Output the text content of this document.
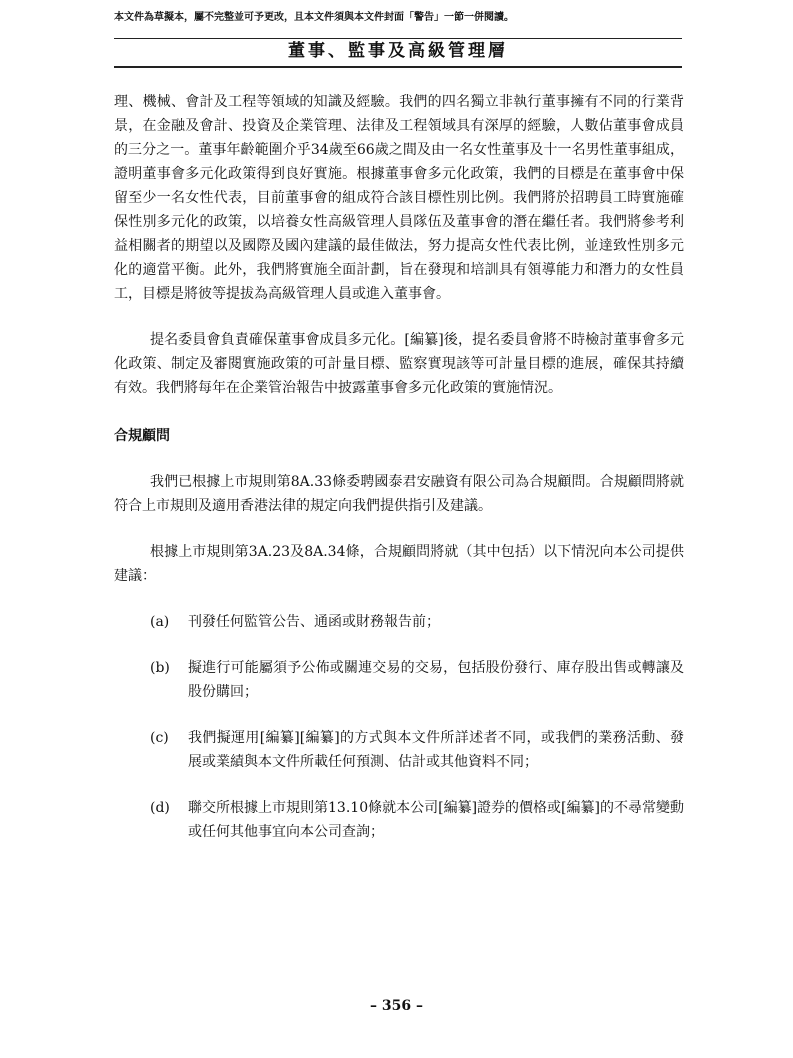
本文件為草擬本，屬不完整並可予更改，且本文件須與本文件封面「警告」一節一併閱讀。
董事、監事及高級管理層

理、機械、會計及工程等領域的知識及經驗。我們的四名獨立非執行董事擁有不同的行業背景，在金融及會計、投資及企業管理、法律及工程領域具有深厚的經驗，人數佔董事會成員的三分之一。董事年齡範圍介乎34歲至66歲之間及由一名女性董事及十一名男性董事組成，證明董事會多元化政策得到良好實施。根據董事會多元化政策，我們的目標是在董事會中保留至少一名女性代表，目前董事會的組成符合該目標性別比例。我們將於招聘員工時實施確保性別多元化的政策，以培養女性高級管理人員隊伍及董事會的潛在繼任者。我們將參考利益相關者的期望以及國際及國內建議的最佳做法，努力提高女性代表比例，並達致性別多元化的適當平衡。此外，我們將實施全面計劃，旨在發現和培訓具有領導能力和潛力的女性員工，目標是將彼等提拔為高級管理人員或進入董事會。

提名委員會負責確保董事會成員多元化。[編纂]後，提名委員會將不時檢討董事會多元化政策、制定及審閱實施政策的可計量目標、監察實現該等可計量目標的進展，確保其持續有效。我們將每年在企業管治報告中披露董事會多元化政策的實施情況。

合規顧問

我們已根據上市規則第8A.33條委聘國泰君安融資有限公司為合規顧問。合規顧問將就符合上市規則及適用香港法律的規定向我們提供指引及建議。

根據上市規則第3A.23及8A.34條，合規顧問將就（其中包括）以下情況向本公司提供建議：

(a)	刊發任何監管公告、通函或財務報告前；
(b)	擬進行可能屬須予公佈或關連交易的交易，包括股份發行、庫存股出售或轉讓及股份購回；
(c)	我們擬運用[編纂][編纂]的方式與本文件所詳述者不同，或我們的業務活動、發展或業績與本文件所載任何預測、估計或其他資料不同；
(d)	聯交所根據上市規則第13.10條就本公司[編纂]證券的價格或[編纂]的不尋常變動或任何其他事宜向本公司查詢；
– 356 –
